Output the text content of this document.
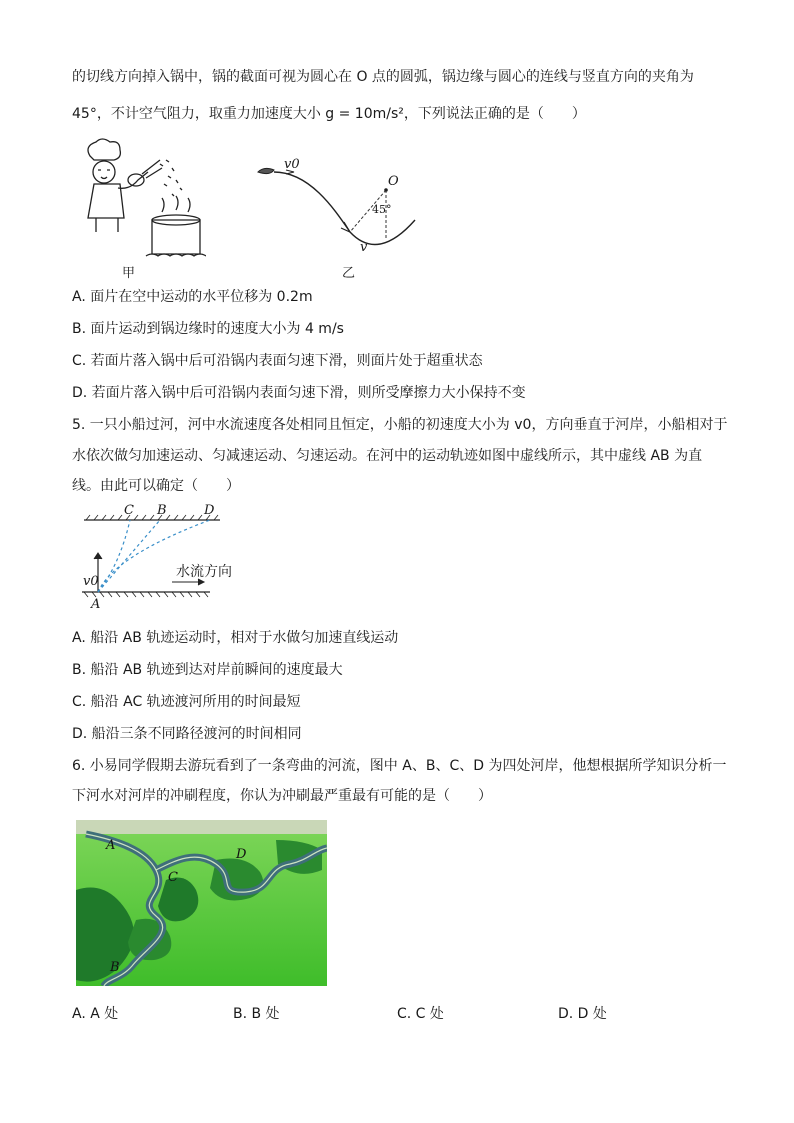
的切线方向掉入锅中，锅的截面可视为圆心在 O 点的圆弧，锅边缘与圆心的连线与竖直方向的夹角为
45°，不计空气阻力，取重力加速度大小 g = 10m/s²，下列说法正确的是（　　）
甲
v0
O
45°
v
乙
A. 面片在空中运动的水平位移为 0.2m
B. 面片运动到锅边缘时的速度大小为 4 m/s
C. 若面片落入锅中后可沿锅内表面匀速下滑，则面片处于超重状态
D. 若面片落入锅中后可沿锅内表面匀速下滑，则所受摩擦力大小保持不变
5. 一只小船过河，河中水流速度各处相同且恒定，小船的初速度大小为 v0，方向垂直于河岸，小船相对于
水依次做匀加速运动、匀减速运动、匀速运动。在河中的运动轨迹如图中虚线所示，其中虚线 AB 为直
线。由此可以确定（　　）
C B	D
v0
A
水流方向
A. 船沿 AB 轨迹运动时，相对于水做匀加速直线运动
B. 船沿 AB 轨迹到达对岸前瞬间的速度最大
C. 船沿 AC 轨迹渡河所用的时间最短
D. 船沿三条不同路径渡河的时间相同
6. 小易同学假期去游玩看到了一条弯曲的河流，图中 A、B、C、D 为四处河岸，他想根据所学知识分析一
下河水对河岸的冲刷程度，你认为冲刷最严重最有可能的是（　　）
A
C
D
B
A. A 处	B. B 处	C. C 处	D. D 处
